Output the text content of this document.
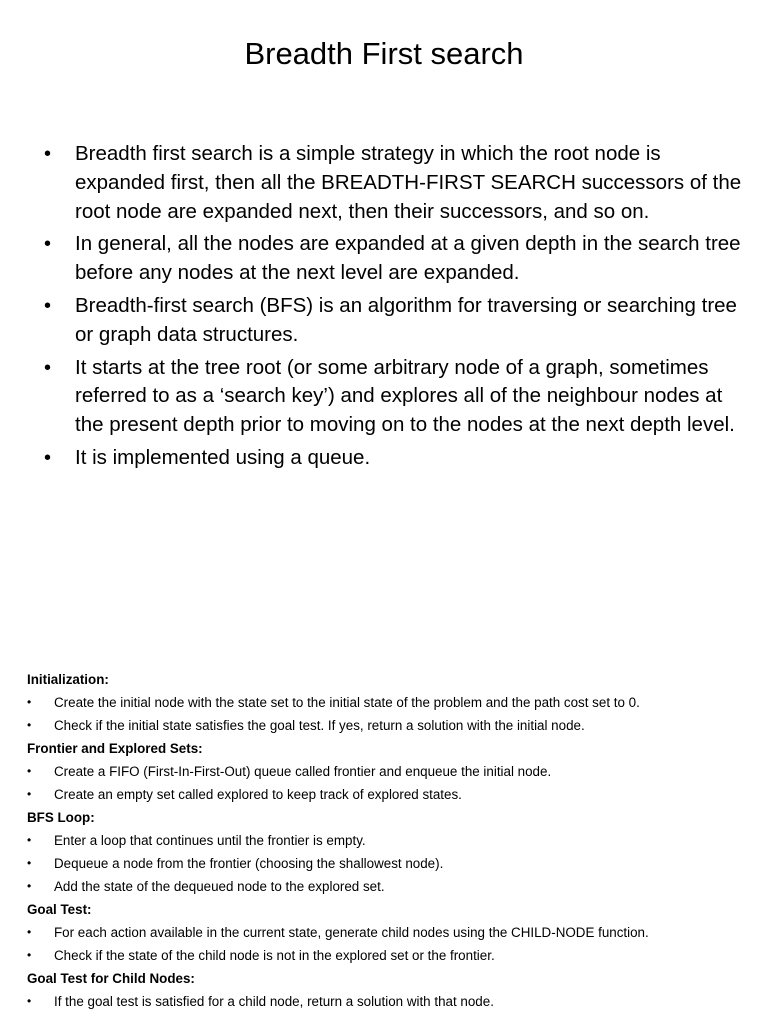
Breadth First search
• Breadth first search is a simple strategy in which the root node is expanded first, then all the BREADTH-FIRST SEARCH successors of the root node are expanded next, then their successors, and so on.
• In general, all the nodes are expanded at a given depth in the search tree before any nodes at the next level are expanded.
• Breadth-first search (BFS) is an algorithm for traversing or searching tree or graph data structures.
• It starts at the tree root (or some arbitrary node of a graph, sometimes referred to as a ‘search key’) and explores all of the neighbour nodes at the present depth prior to moving on to the nodes at the next depth level.
• It is implemented using a queue.
Initialization:
• Create the initial node with the state set to the initial state of the problem and the path cost set to 0.
• Check if the initial state satisfies the goal test. If yes, return a solution with the initial node.
Frontier and Explored Sets:
• Create a FIFO (First-In-First-Out) queue called frontier and enqueue the initial node.
• Create an empty set called explored to keep track of explored states.
BFS Loop:
• Enter a loop that continues until the frontier is empty.
• Dequeue a node from the frontier (choosing the shallowest node).
• Add the state of the dequeued node to the explored set.
Goal Test:
• For each action available in the current state, generate child nodes using the CHILD-NODE function.
• Check if the state of the child node is not in the explored set or the frontier.
Goal Test for Child Nodes:
• If the goal test is satisfied for a child node, return a solution with that node.
